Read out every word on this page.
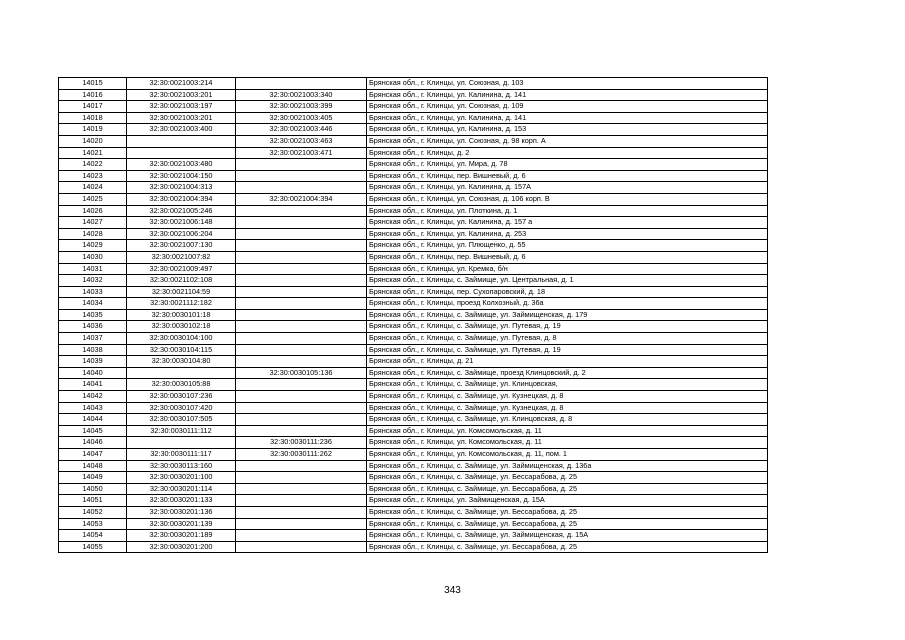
14015	32:30:0021003:214		Брянская обл., г. Клинцы, ул. Союзная, д. 103
14016	32:30:0021003:201	32:30:0021003:340	Брянская обл., г. Клинцы, ул. Калинина, д. 141
14017	32:30:0021003:197	32:30:0021003:399	Брянская обл., г. Клинцы, ул. Союзная, д. 109
14018	32:30:0021003:201	32:30:0021003:405	Брянская обл., г. Клинцы, ул. Калинина, д. 141
14019	32:30:0021003:400	32:30:0021003:446	Брянская обл., г. Клинцы, ул. Калинина, д. 153
14020		32:30:0021003:463	Брянская обл., г. Клинцы, ул. Союзная, д. 98 корп. А
14021		32:30:0021003:471	Брянская обл., г. Клинцы, д. 2
14022	32:30:0021003:480		Брянская обл., г. Клинцы, ул. Мира, д. 78
14023	32:30:0021004:150		Брянская обл., г. Клинцы, пер. Вишневый, д. 6
14024	32:30:0021004:313		Брянская обл., г. Клинцы, ул. Калинина, д. 157А
14025	32:30:0021004:394	32:30:0021004:394	Брянская обл., г. Клинцы, ул. Союзная, д. 106 корп. В
14026	32:30:0021005:246		Брянская обл., г. Клинцы, ул. Плоткина, д. 1
14027	32:30:0021006:148		Брянская обл., г. Клинцы, ул. Калинина, д. 157 а
14028	32:30:0021006:204		Брянская обл., г. Клинцы, ул. Калинина, д. 253
14029	32:30:0021007:130		Брянская обл., г. Клинцы, ул. Плющенко, д. 55
14030	32:30:0021007:82		Брянская обл., г. Клинцы, пер. Вишневый, д. 6
14031	32:30:0021009:497		Брянская обл., г. Клинцы, ул. Кремка, б/н
14032	32:30:0021102:108		Брянская обл., г. Клинцы, с. Займище, ул. Центральная, д. 1
14033	32:30:0021104:59		Брянская обл., г. Клинцы, пер. Сухопаровский, д. 18
14034	32:30:0021112:182		Брянская обл., г. Клинцы, проезд Колхозный, д. 36а
14035	32:30:0030101:18		Брянская обл., г. Клинцы, с. Займище, ул. Займищенская, д. 179
14036	32:30:0030102:18		Брянская обл., г. Клинцы, с. Займище, ул. Путевая, д. 19
14037	32:30:0030104:100		Брянская обл., г. Клинцы, с. Займище, ул. Путевая, д. 8
14038	32:30:0030104:115		Брянская обл., г. Клинцы, с. Займище, ул. Путевая, д. 19
14039	32:30:0030104:80		Брянская обл., г. Клинцы, д. 21
14040		32:30:0030105:136	Брянская обл., г. Клинцы, с. Займище, проезд Клинцовский, д. 2
14041	32:30:0030105:88		Брянская обл., г. Клинцы, с. Займище, ул. Клинцовская,
14042	32:30:0030107:236		Брянская обл., г. Клинцы, с. Займище, ул. Кузнецкая, д. 8
14043	32:30:0030107:420		Брянская обл., г. Клинцы, с. Займище, ул. Кузнецкая, д. 8
14044	32:30:0030107:505		Брянская обл., г. Клинцы, с. Займище, ул. Клинцовская, д. 8
14045	32:30:0030111:112		Брянская обл., г. Клинцы, ул. Комсомольская, д. 11
14046		32:30:0030111:236	Брянская обл., г. Клинцы, ул. Комсомольская, д. 11
14047	32:30:0030111:117	32:30:0030111:262	Брянская обл., г. Клинцы, ул. Комсомольская, д. 11, пом. 1
14048	32:30:0030113:160		Брянская обл., г. Клинцы, с. Займище, ул. Займищенская, д. 136а
14049	32:30:0030201:100		Брянская обл., г. Клинцы, с. Займище, ул. Бессарабова, д. 25
14050	32:30:0030201:114		Брянская обл., г. Клинцы, с. Займище, ул. Бессарабова, д. 25
14051	32:30:0030201:133		Брянская обл., г. Клинцы, ул. Займищенская, д. 15А
14052	32:30:0030201:136		Брянская обл., г. Клинцы, с. Займище, ул. Бессарабова, д. 25
14053	32:30:0030201:139		Брянская обл., г. Клинцы, с. Займище, ул. Бессарабова, д. 25
14054	32:30:0030201:189		Брянская обл., г. Клинцы, с. Займище, ул. Займищенская, д. 15А
14055	32:30:0030201:200		Брянская обл., г. Клинцы, с. Займище, ул. Бессарабова, д. 25
343
